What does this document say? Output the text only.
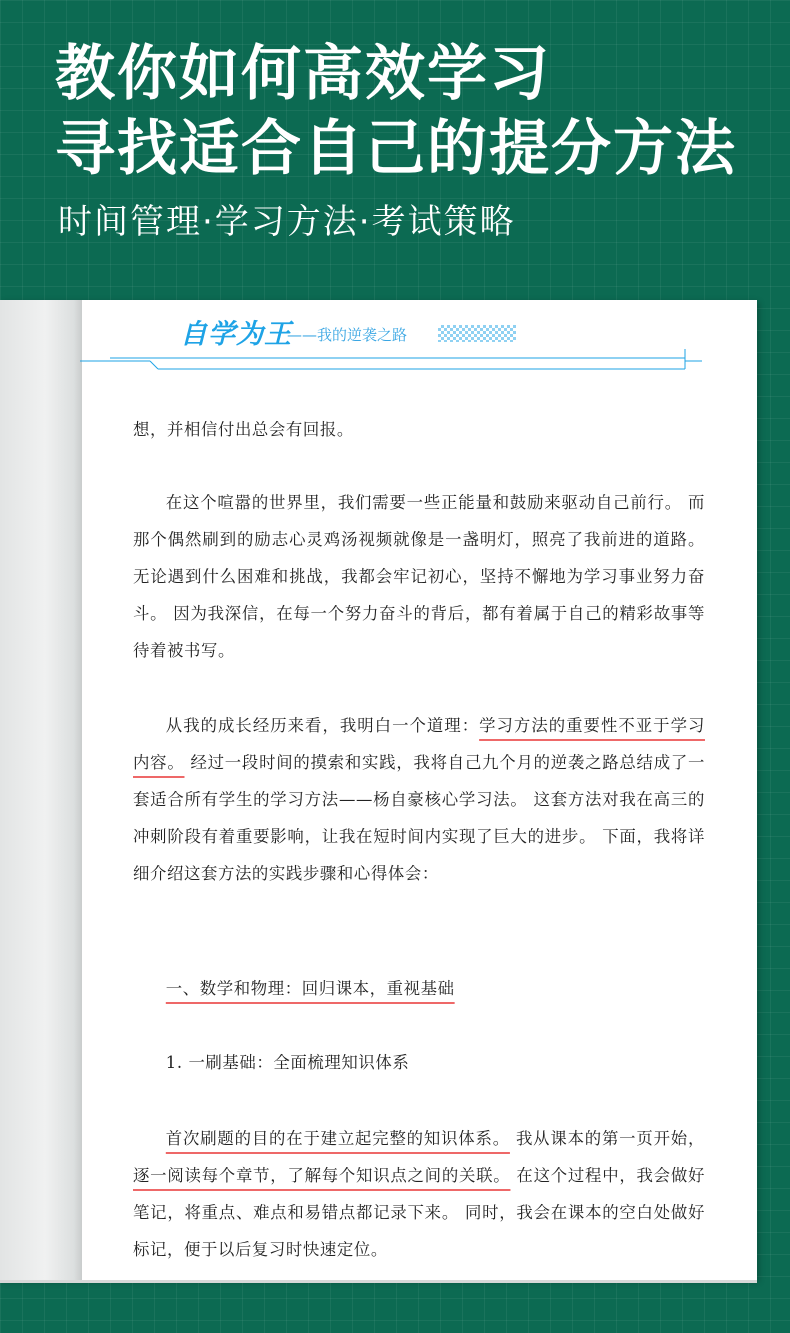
教你如何高效学习
寻找适合自己的提分方法
时间管理·学习方法·考试策略
自学为王
——我的逆袭之路

想，并相信付出总会有回报。

在这个喧嚣的世界里，我们需要一些正能量和鼓励来驱动自己前行。 而那个偶然刷到的励志心灵鸡汤视频就像是一盏明灯，照亮了我前进的道路。 无论遇到什么困难和挑战，我都会牢记初心，坚持不懈地为学习事业努力奋斗。 因为我深信，在每一个努力奋斗的背后，都有着属于自己的精彩故事等待着被书写。

从我的成长经历来看，我明白一个道理：学习方法的重要性不亚于学习内容。 经过一段时间的摸索和实践，我将自己九个月的逆袭之路总结成了一套适合所有学生的学习方法——杨自豪核心学习法。 这套方法对我在高三的冲刺阶段有着重要影响，让我在短时间内实现了巨大的进步。 下面，我将详细介绍这套方法的实践步骤和心得体会：

一、数学和物理：回归课本，重视基础

1. 一刷基础：全面梳理知识体系

首次刷题的目的在于建立起完整的知识体系。 我从课本的第一页开始，逐一阅读每个章节，了解每个知识点之间的关联。 在这个过程中，我会做好笔记，将重点、难点和易错点都记录下来。 同时，我会在课本的空白处做好标记，便于以后复习时快速定位。
